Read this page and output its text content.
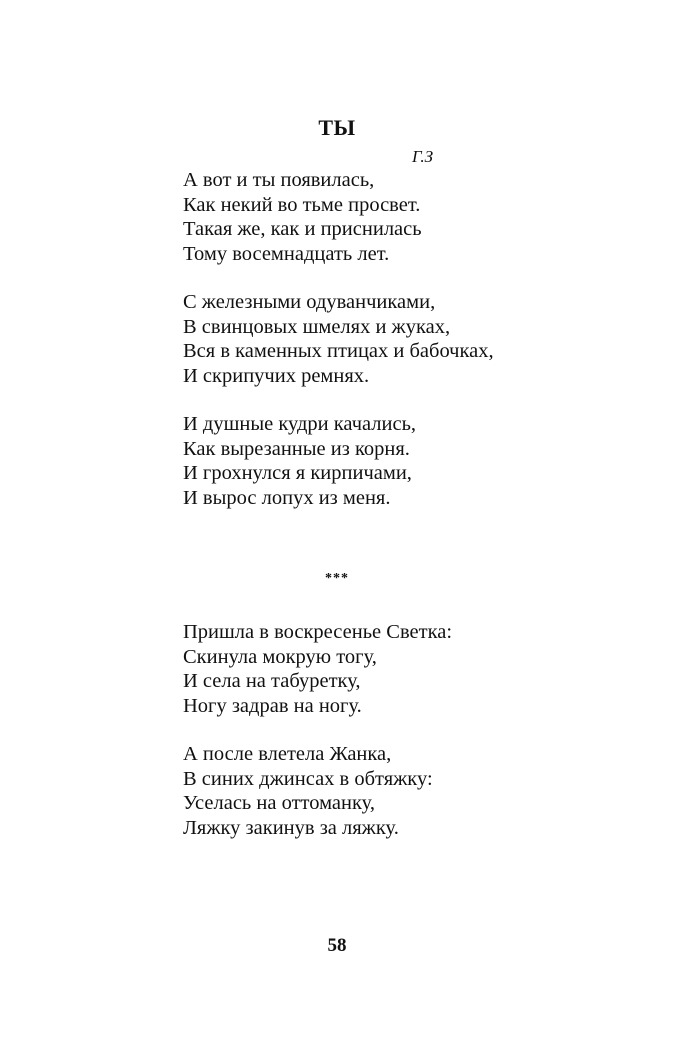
ТЫ
Г.З
А вот и ты появилась,
Как некий во тьме просвет.
Такая же, как и приснилась
Тому восемнадцать лет.
С железными одуванчиками,
В свинцовых шмелях и жуках,
Вся в каменных птицах и бабочках,
И скрипучих ремнях.
И душные кудри качались,
Как вырезанные из корня.
И грохнулся я кирпичами,
И вырос лопух из меня.
***
Пришла в воскресенье Светка:
Скинула мокрую тогу,
И села на табуретку,
Ногу задрав на ногу.
А после влетела Жанка,
В синих джинсах в обтяжку:
Уселась на оттоманку,
Ляжку закинув за ляжку.
58
